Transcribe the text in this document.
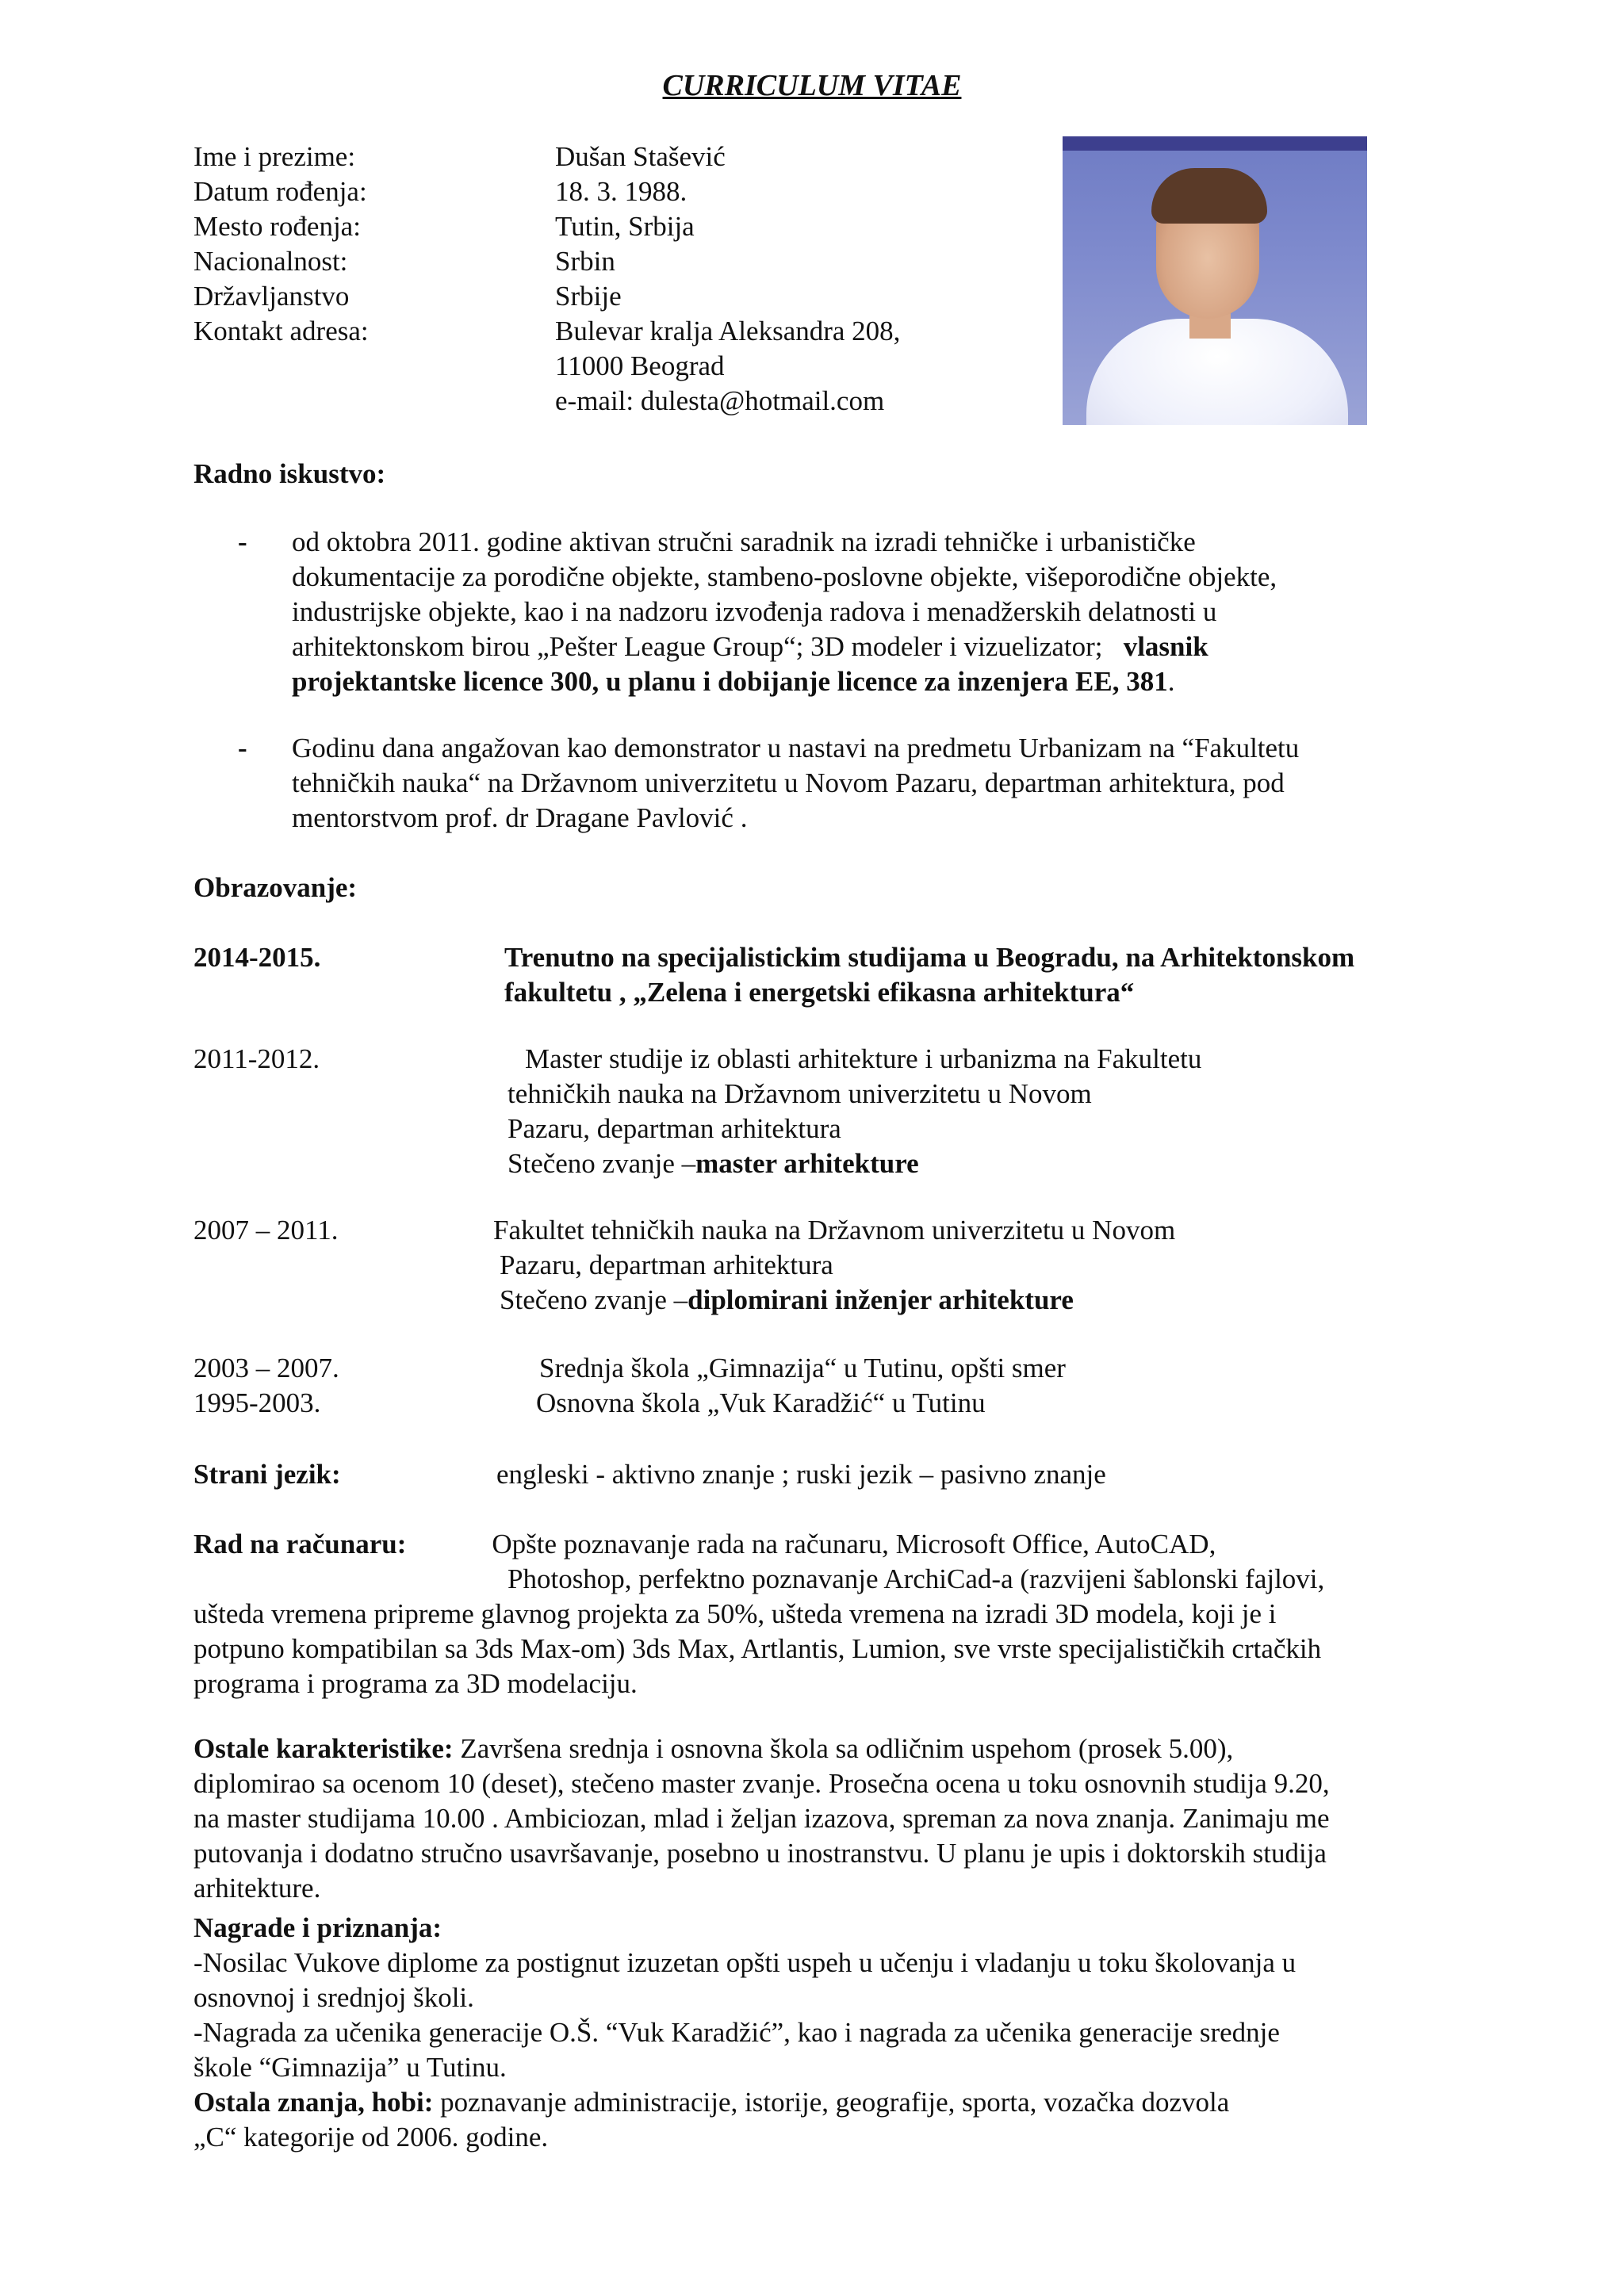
CURRICULUM VITAE
Ime i prezime:	Dušan Stašević
Datum rođenja:	18. 3. 1988.
Mesto rođenja:	Tutin, Srbija
Nacionalnost:	Srbin
Državljanstvo	Srbije
Kontakt adresa:	Bulevar kralja Aleksandra 208,
11000 Beograd
e-mail: dulesta@hotmail.com
Radno iskustvo:
- od oktobra 2011. godine aktivan stručni saradnik na izradi tehničke i urbanističke
dokumentacije za porodične objekte, stambeno-poslovne objekte, višeporodične objekte,
industrijske objekte, kao i na nadzoru izvođenja radova i menadžerskih delatnosti u
arhitektonskom birou „Pešter League Group“; 3D modeler i vizuelizator; vlasnik
projektantske licence 300, u planu i dobijanje licence za inzenjera EE, 381.
- Godinu dana angažovan kao demonstrator u nastavi na predmetu Urbanizam na “Fakultetu
tehničkih nauka“ na Državnom univerzitetu u Novom Pazaru, departman arhitektura, pod
mentorstvom prof. dr Dragane Pavlović .
Obrazovanje:
2014-2015.	Trenutno na specijalistickim studijama u Beogradu, na Arhitektonskom
fakultetu , „Zelena i energetski efikasna arhitektura“
2011-2012.	Master studije iz oblasti arhitekture i urbanizma na Fakultetu
tehničkih nauka na Državnom univerzitetu u Novom
Pazaru, departman arhitektura
Stečeno zvanje –master arhitekture
2007 – 2011.	Fakultet tehničkih nauka na Državnom univerzitetu u Novom
Pazaru, departman arhitektura
Stečeno zvanje –diplomirani inženjer arhitekture
2003 – 2007.	Srednja škola „Gimnazija“ u Tutinu, opšti smer
1995-2003.	Osnovna škola „Vuk Karadžić“ u Tutinu
Strani jezik:	engleski - aktivno znanje ; ruski jezik – pasivno znanje
Rad na računaru:	Opšte poznavanje rada na računaru, Microsoft Office, AutoCAD,
Photoshop, perfektno poznavanje ArchiCad-a (razvijeni šablonski fajlovi,
ušteda vremena pripreme glavnog projekta za 50%, ušteda vremena na izradi 3D modela, koji je i
potpuno kompatibilan sa 3ds Max-om) 3ds Max, Artlantis, Lumion, sve vrste specijalističkih crtačkih
programa i programa za 3D modelaciju.
Ostale karakteristike: Završena srednja i osnovna škola sa odličnim uspehom (prosek 5.00),
diplomirao sa ocenom 10 (deset), stečeno master zvanje. Prosečna ocena u toku osnovnih studija 9.20,
na master studijama 10.00 . Ambiciozan, mlad i željan izazova, spreman za nova znanja. Zanimaju me
putovanja i dodatno stručno usavršavanje, posebno u inostranstvu. U planu je upis i doktorskih studija
arhitekture.
Nagrade i priznanja:
-Nosilac Vukove diplome za postignut izuzetan opšti uspeh u učenju i vladanju u toku školovanja u
osnovnoj i srednjoj školi.
-Nagrada za učenika generacije O.Š. “Vuk Karadžić”, kao i nagrada za učenika generacije srednje
škole “Gimnazija” u Tutinu.
Ostala znanja, hobi: poznavanje administracije, istorije, geografije, sporta, vozačka dozvola
„C“ kategorije od 2006. godine.
